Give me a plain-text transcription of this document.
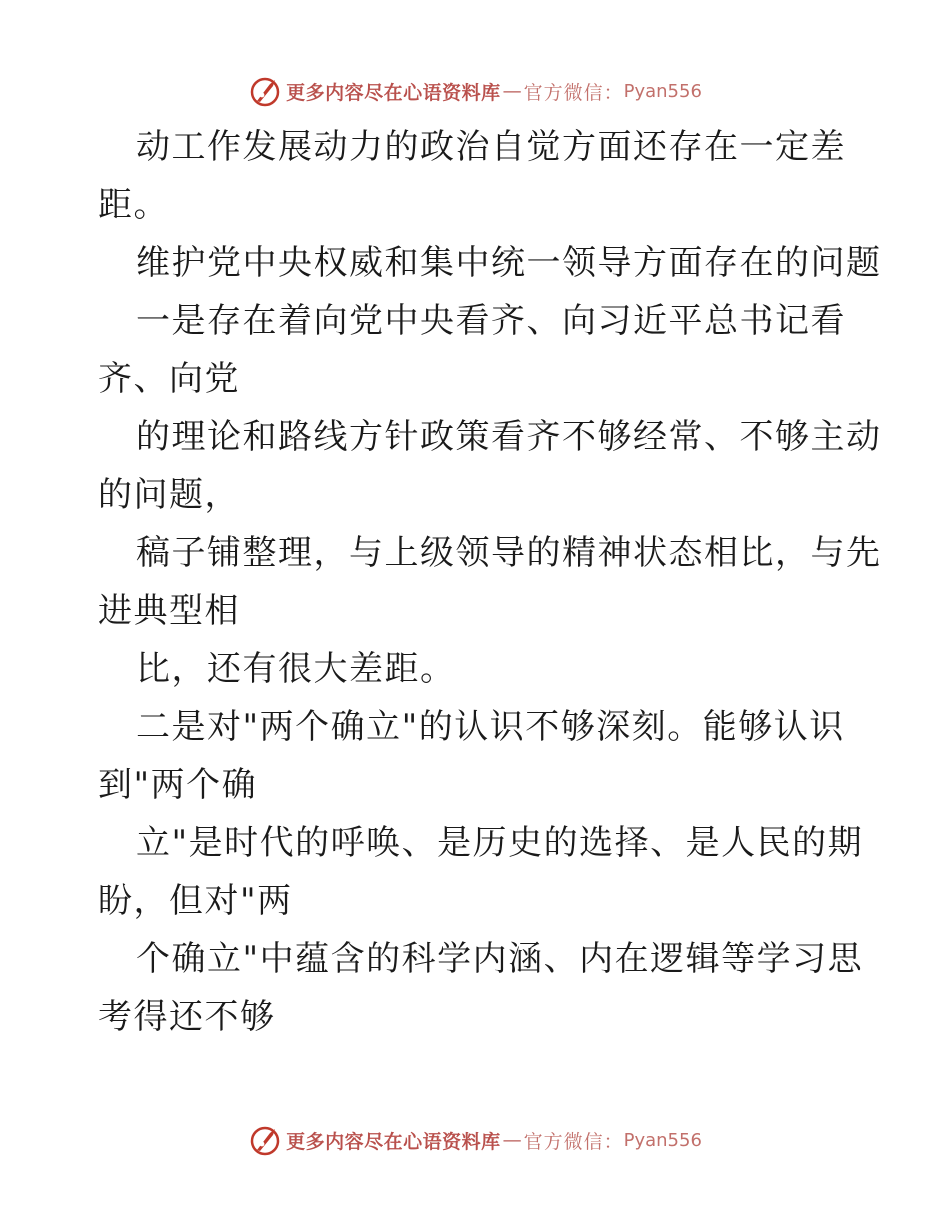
更多内容尽在心语资料库 — 官方微信： Pyan556
动工作发展动力的政治自觉方面还存在一定差
距。
维护党中央权威和集中统一领导方面存在的问题
一是存在着向党中央看齐、向习近平总书记看
齐、向党
的理论和路线方针政策看齐不够经常、不够主动
的问题，
稿子铺整理，与上级领导的精神状态相比，与先
进典型相
比，还有很大差距。
二是对"两个确立"的认识不够深刻。能够认识
到"两个确
立"是时代的呼唤、是历史的选择、是人民的期
盼，但对"两
个确立"中蕴含的科学内涵、内在逻辑等学习思
考得还不够
更多内容尽在心语资料库 — 官方微信： Pyan556
